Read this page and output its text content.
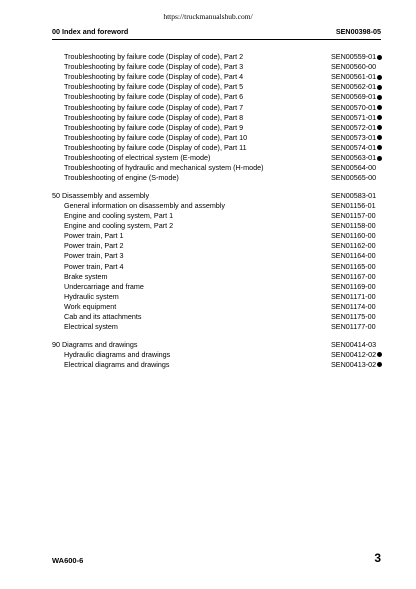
https://truckmanualshub.com/
00 Index and foreword	SEN00398-05
Troubleshooting by failure code (Display of code), Part 2	SEN00559-01
Troubleshooting by failure code (Display of code), Part 3	SEN00560-00
Troubleshooting by failure code (Display of code), Part 4	SEN00561-01
Troubleshooting by failure code (Display of code), Part 5	SEN00562-01
Troubleshooting by failure code (Display of code), Part 6	SEN00569-01
Troubleshooting by failure code (Display of code), Part 7	SEN00570-01
Troubleshooting by failure code (Display of code), Part 8	SEN00571-01
Troubleshooting by failure code (Display of code), Part 9	SEN00572-01
Troubleshooting by failure code (Display of code), Part 10	SEN00573-01
Troubleshooting by failure code (Display of code), Part 11	SEN00574-01
Troubleshooting of electrical system (E-mode)	SEN00563-01
Troubleshooting of hydraulic and mechanical system (H-mode)	SEN00564-00
Troubleshooting of engine (S-mode)	SEN00565-00
50 Disassembly and assembly	SEN00583-01
General information on disassembly and assembly	SEN01156-01
Engine and cooling system, Part 1	SEN01157-00
Engine and cooling system, Part 2	SEN01158-00
Power train, Part 1	SEN01160-00
Power train, Part 2	SEN01162-00
Power train, Part 3	SEN01164-00
Power train, Part 4	SEN01165-00
Brake system	SEN01167-00
Undercarriage and frame	SEN01169-00
Hydraulic system	SEN01171-00
Work equipment	SEN01174-00
Cab and its attachments	SEN01175-00
Electrical system	SEN01177-00
90 Diagrams and drawings	SEN00414-03
Hydraulic diagrams and drawings	SEN00412-02
Electrical diagrams and drawings	SEN00413-02
WA600-6	3
